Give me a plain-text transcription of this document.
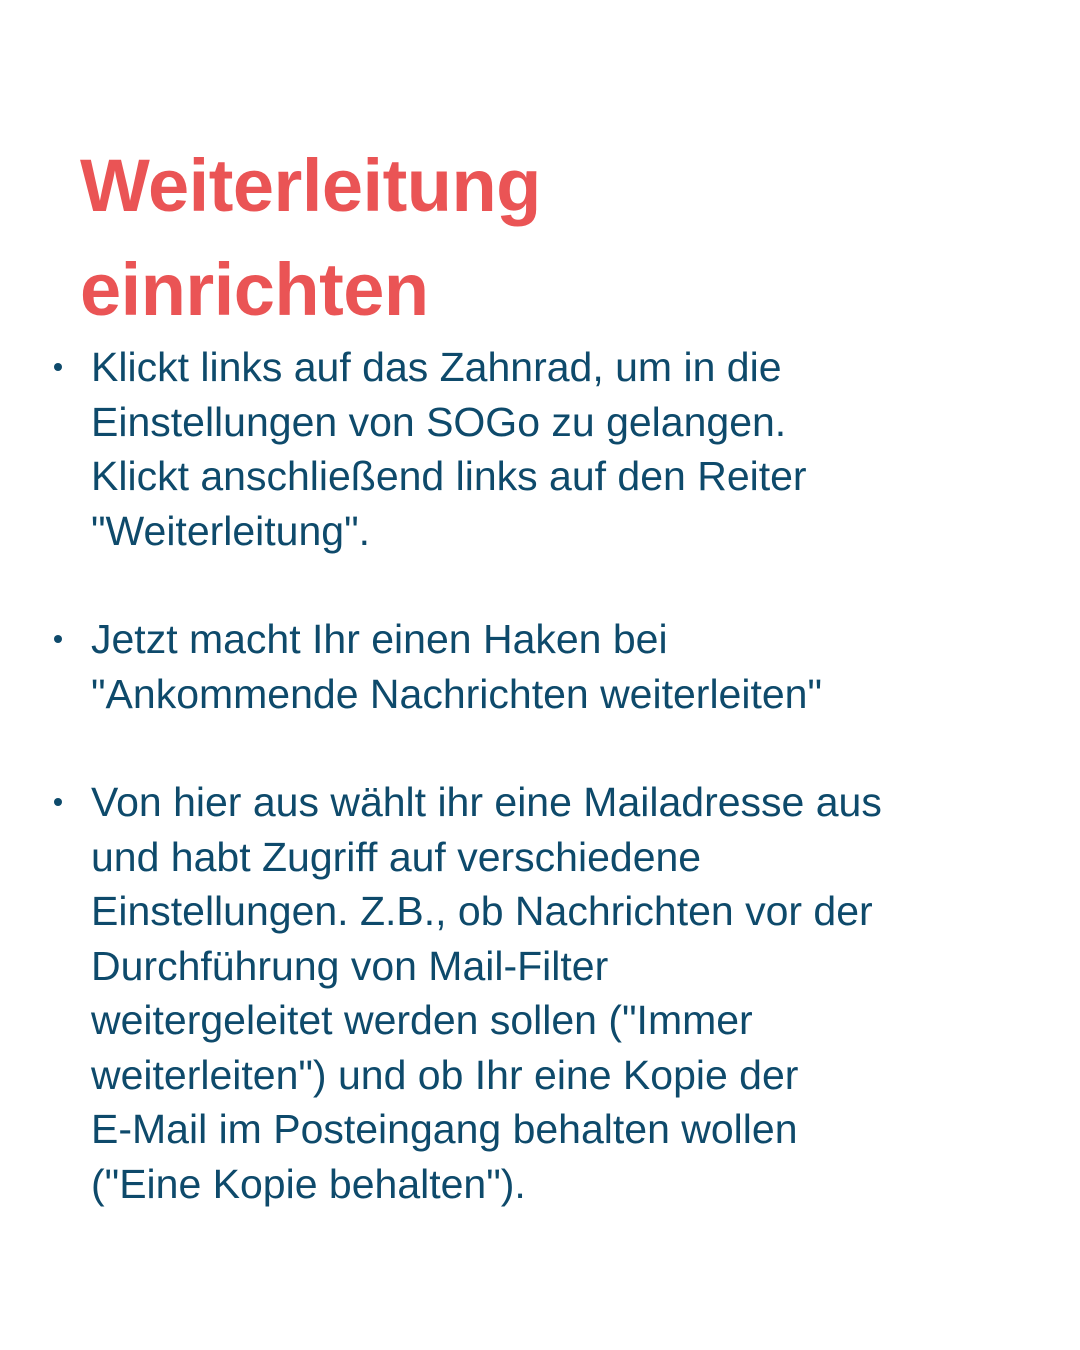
Weiterleitung
einrichten
Klickt links auf das Zahnrad, um in die
Einstellungen von SOGo zu gelangen.
Klickt anschließend links auf den Reiter
"Weiterleitung".
Jetzt macht Ihr einen Haken bei
"Ankommende Nachrichten weiterleiten"
Von hier aus wählt ihr eine Mailadresse aus
und habt Zugriff auf verschiedene
Einstellungen. Z.B., ob Nachrichten vor der
Durchführung von Mail-Filter
weitergeleitet werden sollen ("Immer
weiterleiten") und ob Ihr eine Kopie der
E-Mail im Posteingang behalten wollen
("Eine Kopie behalten").
